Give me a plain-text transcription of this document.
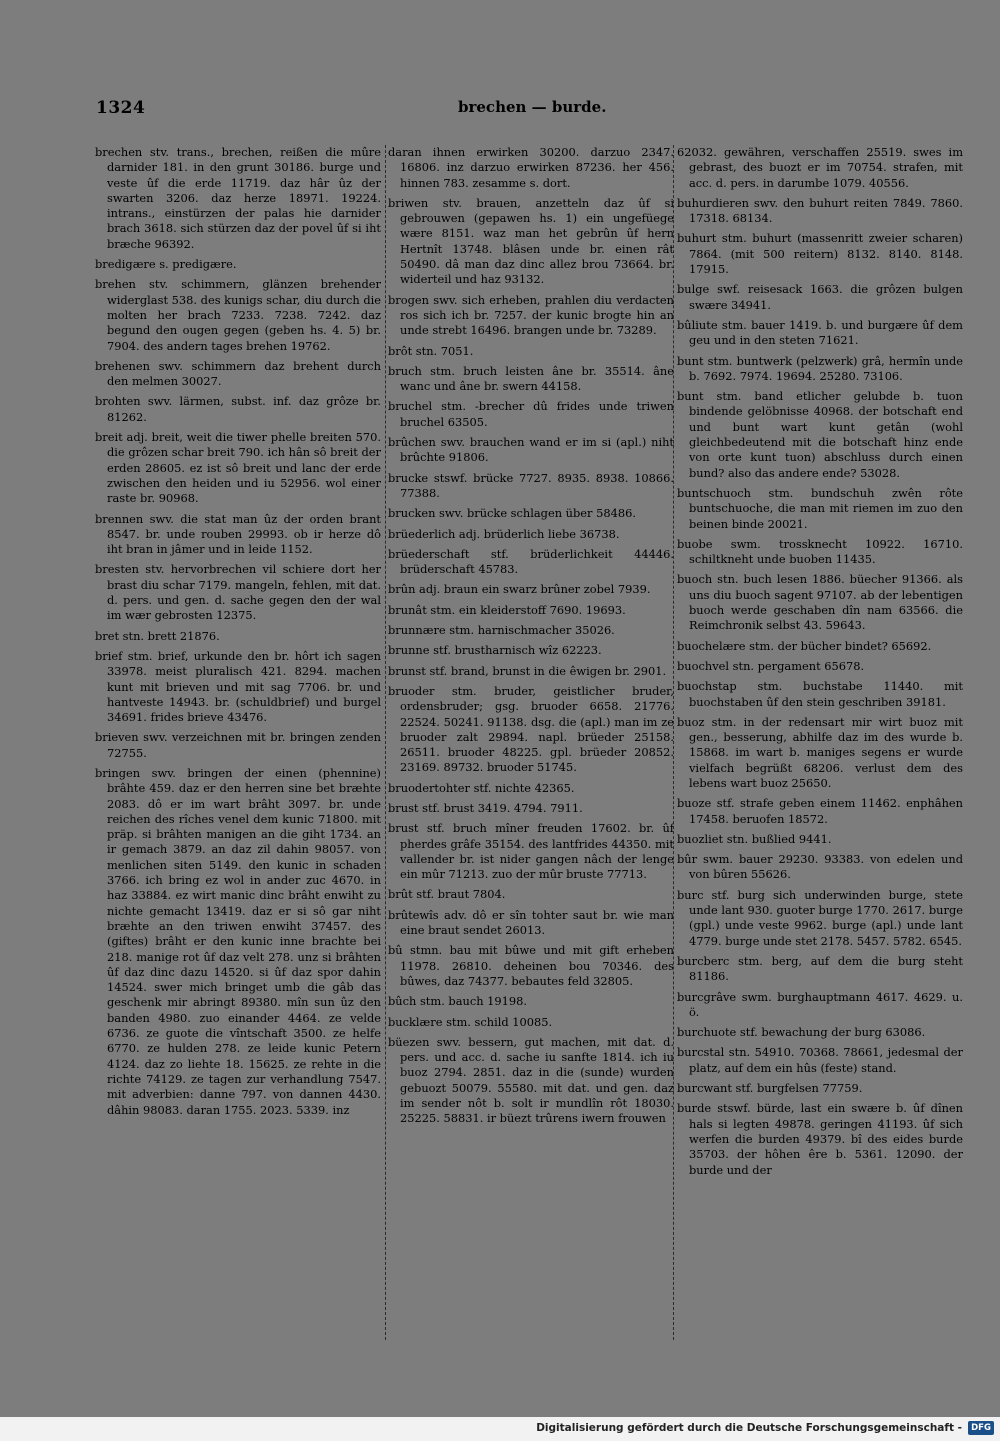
1324	brechen — burde.

brechen stv. trans., brechen, reißen die mûre darnider 181. in den grunt 30186. burge und veste ûf die erde 11719. daz hâr ûz der swarten 3206. daz herze 18971. 19224. intrans., einstürzen der palas hie darnider brach 3618. sich stürzen daz der povel ûf si iht bræche 96392.

bredigære s. predigære.

brehen stv. schimmern, glänzen brehender widerglast 538. des kunigs schar, diu durch die molten her brach 7233. 7238. 7242. daz begund den ougen gegen (geben hs. 4. 5) br. 7904. des andern tages brehen 19762.

brehenen swv. schimmern daz brehent durch den melmen 30027.

brohten swv. lärmen, subst. inf. daz grôze br. 81262.

breit adj. breit, weit die tiwer phelle breiten 570. die grôzen schar breit 790. ich hân sô breit der erden 28605. ez ist sô breit und lanc der erde zwischen den heiden und iu 52956. wol einer raste br. 90968.

brennen swv. die stat man ûz der orden brant 8547. br. unde rouben 29993. ob ir herze dô iht bran in jâmer und in leide 1152.

bresten stv. hervorbrechen vil schiere dort her brast diu schar 7179. mangeln, fehlen, mit dat. d. pers. und gen. d. sache gegen den der wal im wær gebrosten 12375.

bret stn. brett 21876.

brief stm. brief, urkunde den br. hôrt ich sagen 33978. meist pluralisch 421. 8294. machen kunt mit brieven und mit sag 7706. br. und hantveste 14943. br. (schuldbrief) und burgel 34691. frides brieve 43476.

brieven swv. verzeichnen mit br. bringen zenden 72755.

bringen swv. bringen der einen (phennine) brâhte 459. daz er den herren sine bet bræhte 2083. dô er im wart brâht 3097. br. unde reichen des rîches venel dem kunic 71800. mit präp. si brâhten manigen an die giht 1734. an ir gemach 3879. an daz zil dahin 98057. von menlichen siten 5149. den kunic in schaden 3766. ich bring ez wol in ander zuc 4670. in haz 33884. ez wirt manic dinc brâht enwiht zu nichte gemacht 13419. daz er si sô gar niht bræhte an den triwen enwiht 37457. des (giftes) brâht er den kunic inne brachte bei 218. manige rot ûf daz velt 278. unz si brâhten ûf daz dinc dazu 14520. si ûf daz spor dahin 14524. swer mich bringet umb die gâb das geschenk mir abringt 89380. mîn sun ûz den banden 4980. zuo einander 4464. ze velde 6736. ze guote die vîntschaft 3500. ze helfe 6770. ze hulden 278. ze leide kunic Petern 4124. daz zo liehte 18. 15625. ze rehte in die richte 74129. ze tagen zur verhandlung 7547. mit adverbien: danne 797. von dannen 4430. dâhin 98083. daran 1755. 2023. 5339. inz

daran ihnen erwirken 30200. darzuo 2347. 16806. inz darzuo erwirken 87236. her 456. hinnen 783. zesamme s. dort.

briwen stv. brauen, anzetteln daz ûf si gebrouwen (gepawen hs. 1) ein ungefüege wære 8151. waz man het gebrûn ûf hern Hertnît 13748. blâsen unde br. einen rât 50490. dâ man daz dinc allez brou 73664. br. widerteil und haz 93132.

brogen swv. sich erheben, prahlen diu verdacten ros sich ich br. 7257. der kunic brogte hin an unde strebt 16496. brangen unde br. 73289.

brôt stn. 7051.

bruch stm. bruch leisten âne br. 35514. âne wanc und âne br. swern 44158.

bruchel stm. -brecher dû frides unde triwen bruchel 63505.

brûchen swv. brauchen wand er im si (apl.) niht brûchte 91806.

brucke stswf. brücke 7727. 8935. 8938. 10866. 77388.

brucken swv. brücke schlagen über 58486.

brüederlich adj. brüderlich liebe 36738.

brüederschaft stf. brüderlichkeit 44446. brüderschaft 45783.

brûn adj. braun ein swarz brûner zobel 7939.

brunât stm. ein kleiderstoff 7690. 19693.

brunnære stm. harnischmacher 35026.

brunne stf. brustharnisch wîz 62223.

brunst stf. brand, brunst in die êwigen br. 2901.

bruoder stm. bruder, geistlicher bruder, ordensbruder; gsg. bruoder 6658. 21776. 22524. 50241. 91138. dsg. die (apl.) man im ze bruoder zalt 29894. napl. brüeder 25158. 26511. bruoder 48225. gpl. brüeder 20852. 23169. 89732. bruoder 51745.

bruodertohter stf. nichte 42365.

brust stf. brust 3419. 4794. 7911.

brust stf. bruch mîner freuden 17602. br. ûf pherdes grâfe 35154. des lantfrides 44350. mit vallender br. ist nider gangen nâch der lenge ein mûr 71213. zuo der mûr bruste 77713.

brût stf. braut 7804.

brûtewîs adv. dô er sîn tohter saut br. wie man eine braut sendet 26013.

bû stmn. bau mit bûwe und mit gift erheben 11978. 26810. deheinen bou 70346. des bûwes, daz 74377. bebautes feld 32805.

bûch stm. bauch 19198.

bucklære stm. schild 10085.

büezen swv. bessern, gut machen, mit dat. d. pers. und acc. d. sache iu sanfte 1814. ich iu buoz 2794. 2851. daz in die (sunde) wurden gebuozt 50079. 55580. mit dat. und gen. daz im sender nôt b. solt ir mundlîn rôt 18030. 25225. 58831. ir büezt trûrens iwern frouwen

62032. gewähren, verschaffen 25519. swes im gebrast, des buozt er im 70754. strafen, mit acc. d. pers. in darumbe 1079. 40556.

buhurdieren swv. den buhurt reiten 7849. 7860. 17318. 68134.

buhurt stm. buhurt (massenritt zweier scharen) 7864. (mit 500 reitern) 8132. 8140. 8148. 17915.

bulge swf. reisesack 1663. die grôzen bulgen swære 34941.

bûliute stm. bauer 1419. b. und burgære ûf dem geu und in den steten 71621.

bunt stm. buntwerk (pelzwerk) grâ, hermîn unde b. 7692. 7974. 19694. 25280. 73106.

bunt stm. band etlicher gelubde b. tuon bindende gelöbnisse 40968. der botschaft end und bunt wart kunt getân (wohl gleichbedeutend mit die botschaft hinz ende von orte kunt tuon) abschluss durch einen bund? also das andere ende? 53028.

buntschuoch stm. bundschuh zwên rôte buntschuoche, die man mit riemen im zuo den beinen binde 20021.

buobe swm. trossknecht 10922. 16710. schiltkneht unde buoben 11435.

buoch stn. buch lesen 1886. büecher 91366. als uns diu buoch sagent 97107. ab der lebentigen buoch werde geschaben dîn nam 63566. die Reimchronik selbst 43. 59643.

buochelære stm. der bücher bindet? 65692.

buochvel stn. pergament 65678.

buochstap stm. buchstabe 11440. mit buochstaben ûf den stein geschriben 39181.

buoz stm. in der redensart mir wirt buoz mit gen., besserung, abhilfe daz im des wurde b. 15868. im wart b. maniges segens er wurde vielfach begrüßt 68206. verlust dem des lebens wart buoz 25650.

buoze stf. strafe geben einem 11462. enphâhen 17458. beruofen 18572.

buozliet stn. bußlied 9441.

bûr swm. bauer 29230. 93383. von edelen und von bûren 55626.

burc stf. burg sich underwinden burge, stete unde lant 930. guoter burge 1770. 2617. burge (gpl.) unde veste 9962. burge (apl.) unde lant 4779. burge unde stet 2178. 5457. 5782. 6545.

burcberc stm. berg, auf dem die burg steht 81186.

burcgrâve swm. burghauptmann 4617. 4629. u. ö.

burchuote stf. bewachung der burg 63086.

burcstal stn. 54910. 70368. 78661, jedesmal der platz, auf dem ein hûs (feste) stand.

burcwant stf. burgfelsen 77759.

burde stswf. bürde, last ein swære b. ûf dînen hals si legten 49878. geringen 41193. ûf sich werfen die burden 49379. bî des eides burde 35703. der hôhen êre b. 5361. 12090. der burde und der

Digitalisierung gefördert durch die Deutsche Forschungsgemeinschaft -	DFG
